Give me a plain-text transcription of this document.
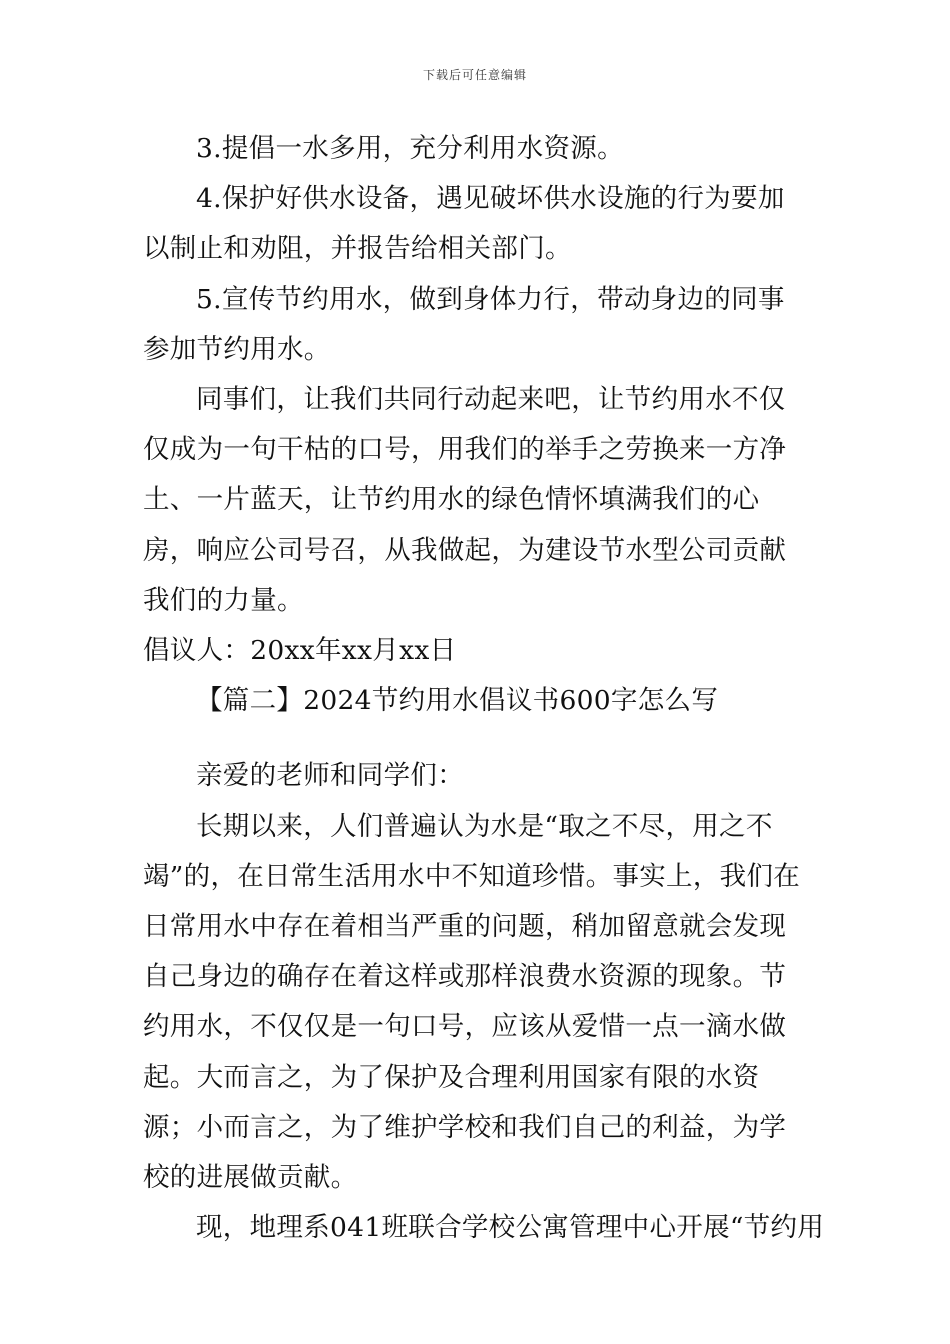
下载后可任意编辑

3.提倡一水多用，充分利用水资源。

4.保护好供水设备，遇见破坏供水设施的行为要加以制止和劝阻，并报告给相关部门。

5.宣传节约用水，做到身体力行，带动身边的同事参加节约用水。

同事们，让我们共同行动起来吧，让节约用水不仅仅成为一句干枯的口号，用我们的举手之劳换来一方净土、一片蓝天，让节约用水的绿色情怀填满我们的心房，响应公司号召，从我做起，为建设节水型公司贡献我们的力量。

倡议人：20xx年xx月xx日

【篇二】2024节约用水倡议书600字怎么写

亲爱的老师和同学们：

长期以来，人们普遍认为水是“取之不尽，用之不竭”的，在日常生活用水中不知道珍惜。事实上，我们在日常用水中存在着相当严重的问题，稍加留意就会发现自己身边的确存在着这样或那样浪费水资源的现象。节约用水，不仅仅是一句口号，应该从爱惜一点一滴水做起。大而言之，为了保护及合理利用国家有限的水资源；小而言之，为了维护学校和我们自己的利益，为学校的进展做贡献。

现，地理系041班联合学校公寓管理中心开展“节约用
